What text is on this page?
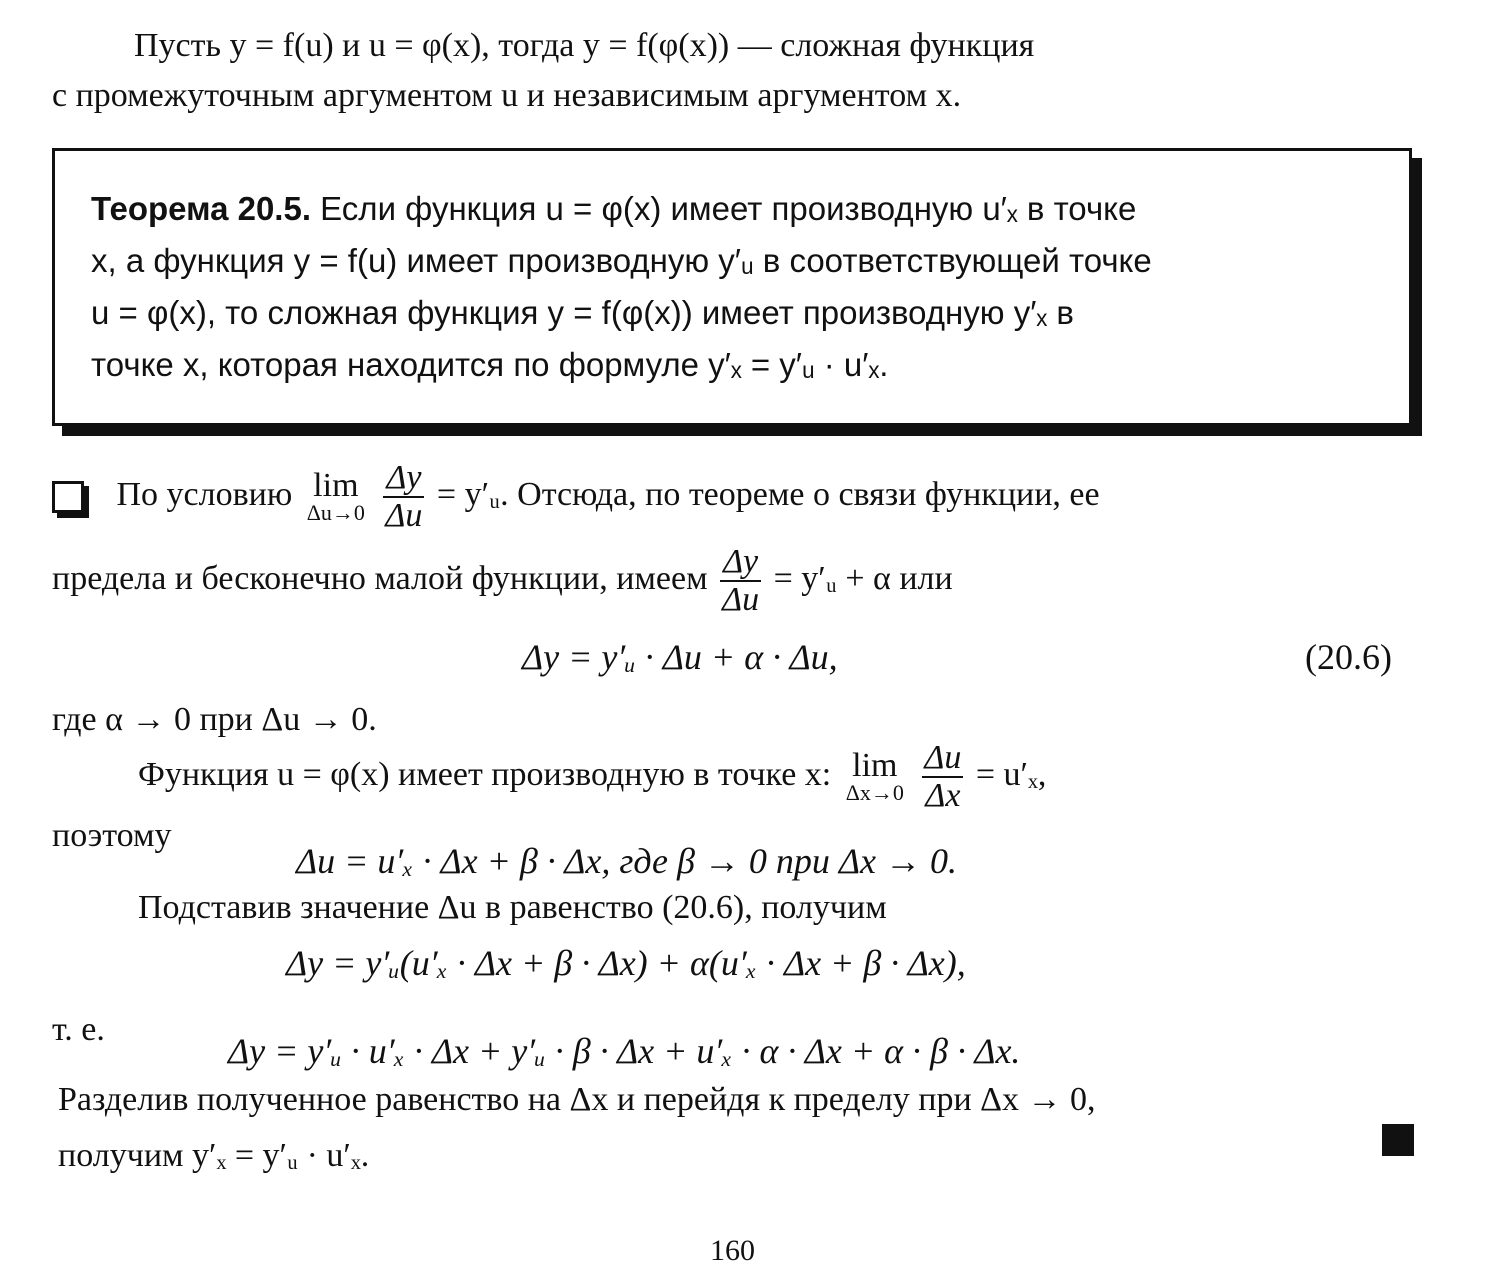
Пусть y = f(u) и u = φ(x), тогда y = f(φ(x)) — сложная функция
с промежуточным аргументом u и независимым аргументом x.
Теорема 20.5. Если функция u = φ(x) имеет производную u′ₓ в точке
x, а функция y = f(u) имеет производную y′ᵤ в соответствующей точке
u = φ(x), то сложная функция y = f(φ(x)) имеет производную y′ₓ в
точке x, которая находится по формуле y′ₓ = y′ᵤ · u′ₓ.
По условию lim
Δu→0
$\frac{\Delta y}{\Delta u}$ = y′ᵤ. Отсюда, по теореме о связи функции, ее
предела и бесконечно малой функции, имеем $\frac{\Delta y}{\Delta u}$ = y′ᵤ + α или
Δy = y′ᵤ · Δu + α · Δu,	(20.6)
где α → 0 при Δu → 0.
Функция u = φ(x) имеет производную в точке x: lim
Δx→0
$\frac{\Delta u}{\Delta x} = u'_x$,
поэтому
Δu = u′ₓ · Δx + β · Δx, где β → 0 при Δx → 0.
Подставив значение Δu в равенство (20.6), получим
Δy = y′ᵤ(u′ₓ · Δx + β · Δx) + α(u′ₓ · Δx + β · Δx),
т. е.
Δy = y′ᵤ · u′ₓ · Δx + y′ᵤ · β · Δx + u′ₓ · α · Δx + α · β · Δx.
Разделив полученное равенство на Δx и перейдя к пределу при Δx → 0,
получим y′ₓ = y′ᵤ · u′ₓ.
160
